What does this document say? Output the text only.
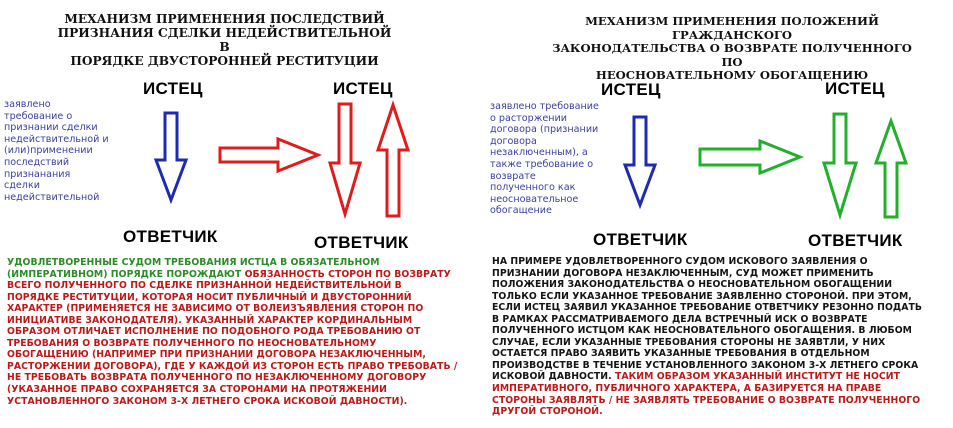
МЕХАНИЗМ ПРИМЕНЕНИЯ ПОСЛЕДСТВИЙ
ПРИЗНАНИЯ СДЕЛКИ НЕДЕЙСТВИТЕЛЬНОЙ В
ПОРЯДКЕ ДВУСТОРОННЕЙ РЕСТИТУЦИИ
ИСТЕЦ	ИСТЕЦ
заявлено
требование о
признании сделки
недействительной и
(или)применении
последствий
признанания
сделки
недействительной
ОТВЕТЧИК	ОТВЕТЧИК
УДОВЛЕТВОРЕННЫЕ СУДОМ ТРЕБОВАНИЯ ИСТЦА В ОБЯЗАТЕЛЬНОМ
(ИМПЕРАТИВНОМ) ПОРЯДКЕ ПОРОЖДАЮТ ОБЯЗАННОСТЬ СТОРОН ПО ВОЗВРАТУ
ВСЕГО ПОЛУЧЕННОГО ПО СДЕЛКЕ ПРИЗНАННОЙ НЕДЕЙСТВИТЕЛЬНОЙ В
ПОРЯДКЕ РЕСТИТУЦИИ, КОТОРАЯ НОСИТ ПУБЛИЧНЫЙ И ДВУСТОРОННИЙ
ХАРАКТЕР (ПРИМЕНЯЕТСЯ НЕ ЗАВИСИМО ОТ ВОЛЕИЗЪЯВЛЕНИЯ СТОРОН ПО
ИНИЦИАТИВЕ ЗАКОНОДАТЕЛЯ). УКАЗАННЫЙ ХАРАКТЕР КОРДИНАЛЬНЫМ
ОБРАЗОМ ОТЛИЧАЕТ ИСПОЛНЕНИЕ ПО ПОДОБНОГО РОДА ТРЕБОВАНИЮ ОТ
ТРЕБОВАНИЯ О ВОЗВРАТЕ ПОЛУЧЕННОГО ПО НЕОСНОВАТЕЛЬНОМУ
ОБОГАЩЕНИЮ (НАПРИМЕР ПРИ ПРИЗНАНИИ ДОГОВОРА НЕЗАКЛЮЧЕННЫМ,
РАСТОРЖЕНИИ ДОГОВОРА), ГДЕ У КАЖДОЙ ИЗ СТОРОН ЕСТЬ ПРАВО ТРЕБОВАТЬ /
НЕ ТРЕБОВАТЬ ВОЗВРАТА ПОЛУЧЕННОГО ПО НЕЗАКЛЮЧЕННОМУ ДОГОВОРУ
(УКАЗАННОЕ ПРАВО СОХРАНЯЕТСЯ ЗА СТОРОНАМИ НА ПРОТЯЖЕНИИ
УСТАНОВЛЕННОГО ЗАКОНОМ 3-Х ЛЕТНЕГО СРОКА ИСКОВОЙ ДАВНОСТИ).
МЕХАНИЗМ ПРИМЕНЕНИЯ ПОЛОЖЕНИЙ ГРАЖДАНСКОГО
ЗАКОНОДАТЕЛЬСТВА О ВОЗВРАТЕ ПОЛУЧЕННОГО ПО
НЕОСНОВАТЕЛЬНОМУ ОБОГАЩЕНИЮ
ИСТЕЦ	ИСТЕЦ
заявлено требование
о расторжении
договора (признании
договора
незаключенным), а
также требование о
возврате
полученного как
неосновательное
обогащение
ОТВЕТЧИК	ОТВЕТЧИК
НА ПРИМЕРЕ УДОВЛЕТВОРЕННОГО СУДОМ ИСКОВОГО ЗАЯВЛЕНИЯ О
ПРИЗНАНИИ ДОГОВОРА НЕЗАКЛЮЧЕННЫМ, СУД МОЖЕТ ПРИМЕНИТЬ
ПОЛОЖЕНИЯ ЗАКОНОДАТЕЛЬСТВА О НЕОСНОВАТЕЛЬНОМ ОБОГАЩЕНИИ
ТОЛЬКО ЕСЛИ УКАЗАННОЕ ТРЕБОВАНИЕ ЗАЯВЛЕННО СТОРОНОЙ. ПРИ ЭТОМ,
ЕСЛИ ИСТЕЦ ЗАЯВИЛ УКАЗАННОЕ ТРЕБОВАНИЕ ОТВЕТЧИКУ РЕЗОННО ПОДАТЬ
В РАМКАХ РАССМАТРИВАЕМОГО ДЕЛА ВСТРЕЧНЫЙ ИСК О ВОЗВРАТЕ
ПОЛУЧЕННОГО ИСТЦОМ КАК НЕОСНОВАТЕЛЬНОГО ОБОГАЩЕНИЯ. В ЛЮБОМ
СЛУЧАЕ, ЕСЛИ УКАЗАННЫЕ ТРЕБОВАНИЯ СТОРОНЫ НЕ ЗАЯВТЛИ, У НИХ
ОСТАЕТСЯ ПРАВО ЗАЯВИТЬ УКАЗАННЫЕ ТРЕБОВАНИЯ В ОТДЕЛЬНОМ
ПРОИЗВОДСТВЕ В ТЕЧЕНИЕ УСТАНОВЛЕННОГО ЗАКОНОМ 3-Х ЛЕТНЕГО СРОКА
ИСКОВОЙ ДАВНОСТИ. ТАКИМ ОБРАЗОМ УКАЗАННЫЙ ИНСТИТУТ НЕ НОСИТ
ИМПЕРАТИВНОГО, ПУБЛИЧНОГО ХАРАКТЕРА, А БАЗИРУЕТСЯ НА ПРАВЕ
СТОРОНЫ ЗАЯВЛЯТЬ / НЕ ЗАЯВЛЯТЬ ТРЕБОВАНИЕ О ВОЗВРАТЕ ПОЛУЧЕННОГО
ДРУГОЙ СТОРОНОЙ.
